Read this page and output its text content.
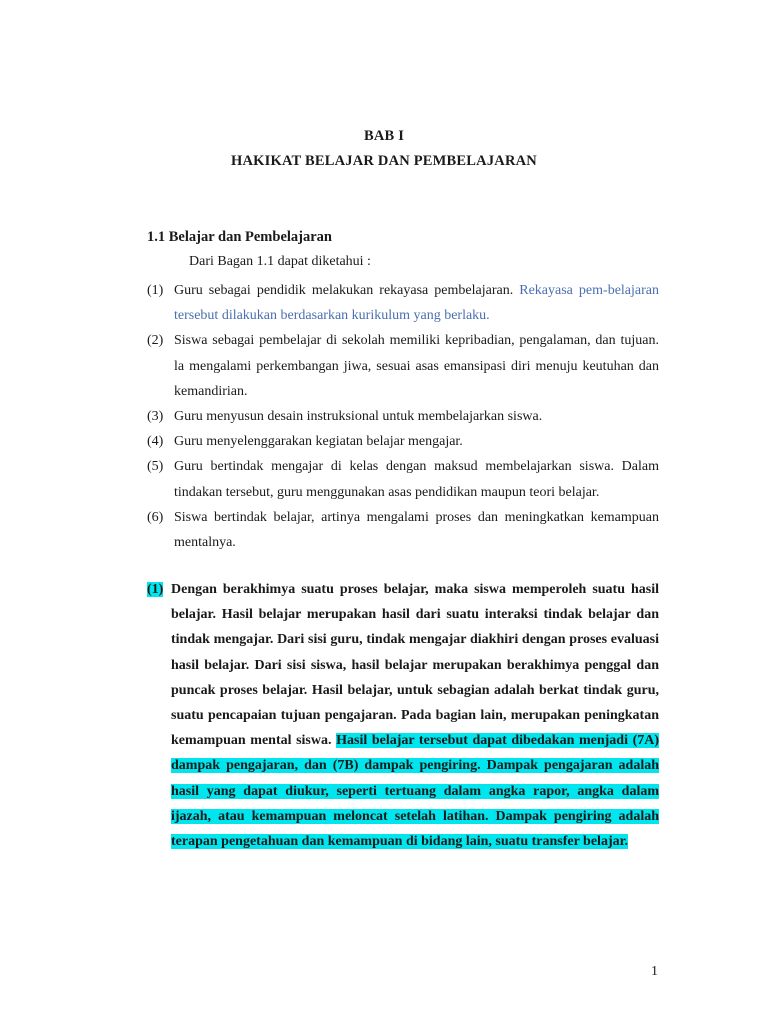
BAB I
HAKIKAT BELAJAR DAN PEMBELAJARAN
1.1 Belajar dan Pembelajaran
Dari Bagan 1.1 dapat diketahui :
(1) Guru sebagai pendidik melakukan rekayasa pembelajaran. Rekayasa pem-belajaran tersebut dilakukan berdasarkan kurikulum yang berlaku.
(2) Siswa sebagai pembelajar di sekolah memiliki kepribadian, pengalaman, dan tujuan. la mengalami perkembangan jiwa, sesuai asas emansipasi diri menuju keutuhan dan kemandirian.
(3) Guru menyusun desain instruksional untuk membelajarkan siswa.
(4) Guru menyelenggarakan kegiatan belajar mengajar.
(5) Guru bertindak mengajar di kelas dengan maksud membelajarkan siswa. Dalam tindakan tersebut, guru menggunakan asas pendidikan maupun teori belajar.
(6) Siswa bertindak belajar, artinya mengalami proses dan meningkatkan kemampuan mentalnya.
(1) Dengan berakhimya suatu proses belajar, maka siswa memperoleh suatu hasil belajar. Hasil belajar merupakan hasil dari suatu interaksi tindak belajar dan tindak mengajar. Dari sisi guru, tindak mengajar diakhiri dengan proses evaluasi hasil belajar. Dari sisi siswa, hasil belajar merupakan berakhimya penggal dan puncak proses belajar. Hasil belajar, untuk sebagian adalah berkat tindak guru, suatu pencapaian tujuan pengajaran. Pada bagian lain, merupakan peningkatan kemampuan mental siswa. Hasil belajar tersebut dapat dibedakan menjadi (7A) dampak pengajaran, dan (7B) dampak pengiring. Dampak pengajaran adalah hasil yang dapat diukur, seperti tertuang dalam angka rapor, angka dalam ijazah, atau kemampuan meloncat setelah latihan. Dampak pengiring adalah terapan pengetahuan dan kemampuan di bidang lain, suatu transfer belajar.
1
